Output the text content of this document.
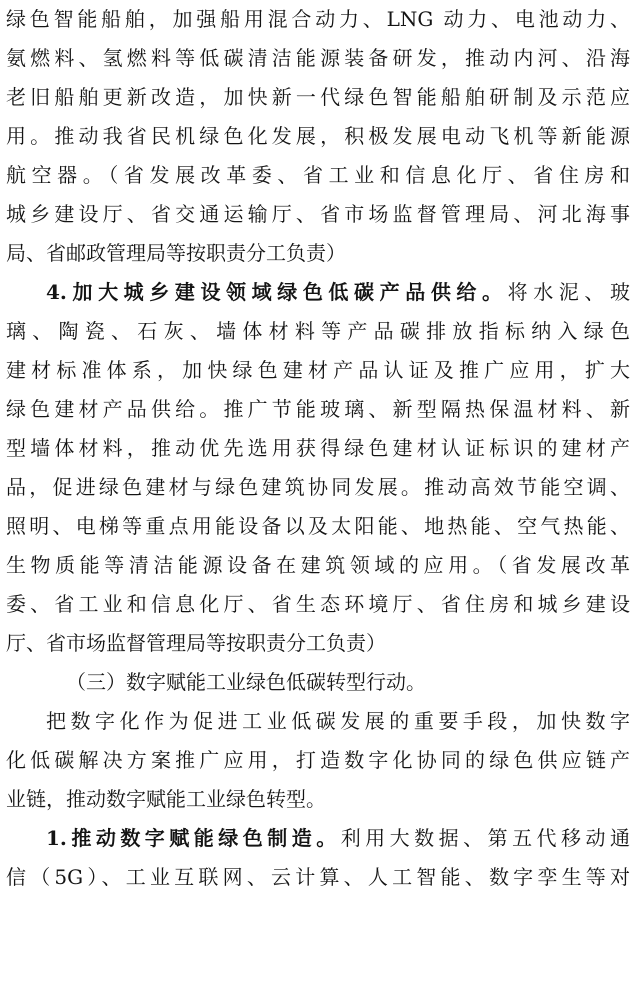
绿色智能船舶，加强船用混合动力、LNG 动力、电池动力、
氨燃料、氢燃料等低碳清洁能源装备研发，推动内河、沿海
老旧船舶更新改造，加快新一代绿色智能船舶研制及示范应
用。推动我省民机绿色化发展，积极发展电动飞机等新能源
航空器。（省发展改革委、省工业和信息化厅、省住房和
城乡建设厅、省交通运输厅、省市场监督管理局、河北海事
局、省邮政管理局等按职责分工负责）
4.加大城乡建设领域绿色低碳产品供给。将水泥、玻
璃、陶瓷、石灰、墙体材料等产品碳排放指标纳入绿色
建材标准体系，加快绿色建材产品认证及推广应用，扩大
绿色建材产品供给。推广节能玻璃、新型隔热保温材料、新
型墙体材料，推动优先选用获得绿色建材认证标识的建材产
品，促进绿色建材与绿色建筑协同发展。推动高效节能空调、
照明、电梯等重点用能设备以及太阳能、地热能、空气热能、
生物质能等清洁能源设备在建筑领域的应用。（省发展改革
委、省工业和信息化厅、省生态环境厅、省住房和城乡建设
厅、省市场监督管理局等按职责分工负责）
（三）数字赋能工业绿色低碳转型行动。
把数字化作为促进工业低碳发展的重要手段，加快数字
化低碳解决方案推广应用，打造数字化协同的绿色供应链产
业链，推动数字赋能工业绿色转型。
1.推动数字赋能绿色制造。利用大数据、第五代移动通
信（5G）、工业互联网、云计算、人工智能、数字孪生等对
